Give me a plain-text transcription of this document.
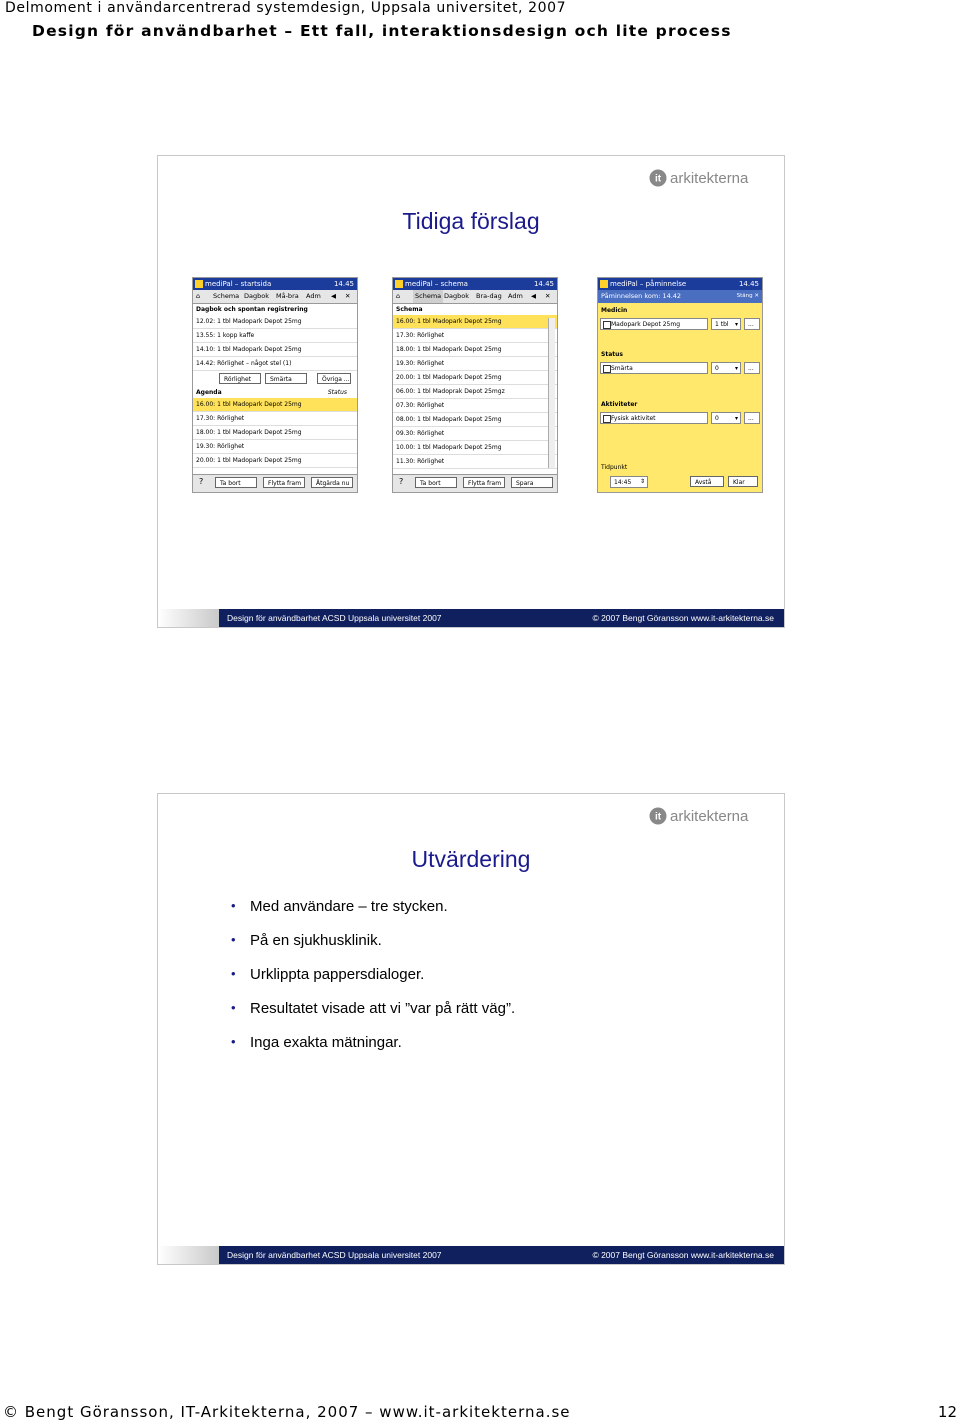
Delmoment i användarcentrerad systemdesign, Uppsala universitet, 2007
Design för användbarhet – Ett fall, interaktionsdesign och lite process
it arkitekterna
Tidiga förslag
mediPal – startsida	14.45
⌂ Schema Dagbok Må-bra Adm ◀ ✕
Dagbok och spontan registrering
12.02: 1 tbl Madopark Depot 25mg
13.55: 1 kopp kaffe
14.10: 1 tbl Madopark Depot 25mg
14.42: Rörlighet – något stel (1)
Rörlighet	Smärta	Övriga ...
Agenda	Status
16.00: 1 tbl Madopark Depot 25mg
17.30: Rörlighet
18.00: 1 tbl Madopark Depot 25mg
19.30: Rörlighet
20.00: 1 tbl Madopark Depot 25mg
?	Ta bort	Flytta fram	Åtgärda nu
mediPal – schema	14.45
⌂	Schema Dagbok Bra-dag Adm ◀ ✕
Schema
16.00: 1 tbl Madopark Depot 25mg
17.30: Rörlighet
18.00: 1 tbl Madopark Depot 25mg
19.30: Rörlighet
20.00: 1 tbl Madopark Depot 25mg
06.00: 1 tbl Madoprak Depot 25mgz
07.30: Rörlighet
08.00: 1 tbl Madopark Depot 25mg
09.30: Rörlighet
10.00: 1 tbl Madopark Depot 25mg
11.30: Rörlighet
?	Ta bort	Flytta fram	Spara
mediPal – påminnelse	14.45
Påminnelsen kom: 14.42	Stäng ✕
Medicin
Madopark Depot 25mg	1 tbl ▾	...
Status
Smärta	0	▾	...
Aktiviteter
Fysisk aktivitet	0	▾	...
Tidpunkt
14:45 ⇕	Avstå	Klar
Design för användbarhet ACSD Uppsala universitet 2007	© 2007 Bengt Göransson www.it-arkitekterna.se
it arkitekterna
Utvärdering
• Med användare – tre stycken.
• På en sjukhusklinik.
• Urklippta pappersdialoger.
• Resultatet visade att vi ”var på rätt väg”.
• Inga exakta mätningar.
Design för användbarhet ACSD Uppsala universitet 2007	© 2007 Bengt Göransson www.it-arkitekterna.se
© Bengt Göransson, IT-Arkitekterna, 2007 – www.it-arkitekterna.se	12
